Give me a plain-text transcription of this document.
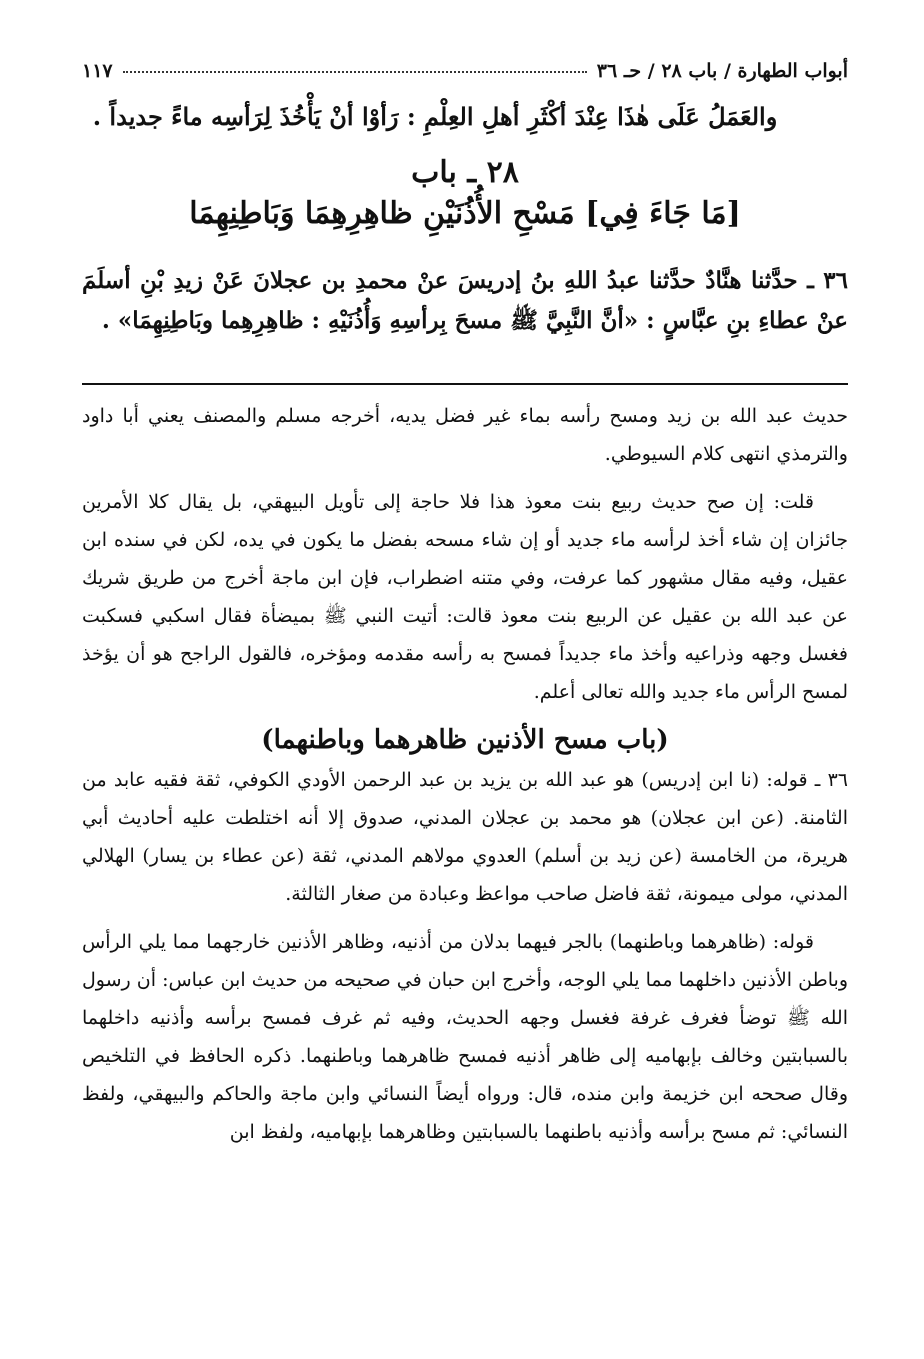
أبواب الطهارة / باب ٢٨ / حـ ٣٦
١١٧
والعَمَلُ عَلَى هٰذَا عِنْدَ أكْثَرِ أهلِ العِلْمِ : رَأوْا أنْ يَأْخُذَ لِرَأسِه ماءً جديداً .
٢٨ ـ باب
[مَا جَاءَ فِي] مَسْحِ الأُذُنَيْنِ ظاهِرِهِمَا وَبَاطِنِهِمَا
٣٦ ـ حدَّثنا هنَّادٌ حدَّثنا عبدُ اللهِ بنُ إدريسَ عنْ محمدِ بن عجلانَ عَنْ زيدِ بْنِ أسلَمَ عنْ عطاءِ بنِ عبَّاسٍ : «أنَّ النَّبِيَّ ﷺ مسحَ بِرأسِهِ وَأُذُنَيْهِ : ظاهِرِهِما وبَاطِنِهِمَا» .
حديث عبد الله بن زيد ومسح رأسه بماء غير فضل يديه، أخرجه مسلم والمصنف يعني أبا داود والترمذي انتهى كلام السيوطي.
قلت: إن صح حديث ربيع بنت معوذ هذا فلا حاجة إلى تأويل البيهقي، بل يقال كلا الأمرين جائزان إن شاء أخذ لرأسه ماء جديد أو إن شاء مسحه بفضل ما يكون في يده، لكن في سنده ابن عقيل، وفيه مقال مشهور كما عرفت، وفي متنه اضطراب، فإن ابن ماجة أخرج من طريق شريك عن عبد الله بن عقيل عن الربيع بنت معوذ قالت: أتيت النبي ﷺ بميضأة فقال اسكبي فسكبت فغسل وجهه وذراعيه وأخذ ماء جديداً فمسح به رأسه مقدمه ومؤخره، فالقول الراجح هو أن يؤخذ لمسح الرأس ماء جديد والله تعالى أعلم.
(باب مسح الأذنين ظاهرهما وباطنهما)
٣٦ ـ قوله: (نا ابن إدريس) هو عبد الله بن يزيد بن عبد الرحمن الأودي الكوفي، ثقة فقيه عابد من الثامنة. (عن ابن عجلان) هو محمد بن عجلان المدني، صدوق إلا أنه اختلطت عليه أحاديث أبي هريرة، من الخامسة (عن زيد بن أسلم) العدوي مولاهم المدني، ثقة (عن عطاء بن يسار) الهلالي المدني، مولى ميمونة، ثقة فاضل صاحب مواعظ وعبادة من صغار الثالثة.
قوله: (ظاهرهما وباطنهما) بالجر فيهما بدلان من أذنيه، وظاهر الأذنين خارجهما مما يلي الرأس وباطن الأذنين داخلهما مما يلي الوجه، وأخرج ابن حبان في صحيحه من حديث ابن عباس: أن رسول الله ﷺ توضأ فغرف غرفة فغسل وجهه الحديث، وفيه ثم غرف فمسح برأسه وأذنيه داخلهما بالسبابتين وخالف بإبهاميه إلى ظاهر أذنيه فمسح ظاهرهما وباطنهما. ذكره الحافظ في التلخيص وقال صححه ابن خزيمة وابن منده، قال: ورواه أيضاً النسائي وابن ماجة والحاكم والبيهقي، ولفظ النسائي: ثم مسح برأسه وأذنيه باطنهما بالسبابتين وظاهرهما بإبهاميه، ولفظ ابن
